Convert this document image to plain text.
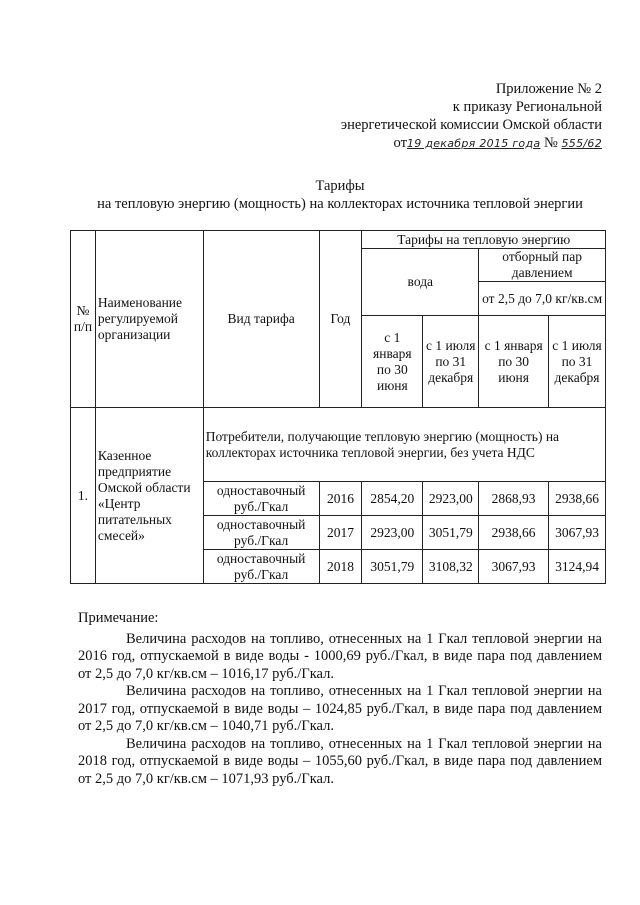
Приложение № 2
к приказу Региональной
энергетической комиссии Омской области
от19 декабря 2015 года № 555/62
Тарифы
на тепловую энергию (мощность) на коллекторах источника тепловой энергии
№ п/п	Наименование регулируемой организации	Вид тарифа	Год	Тарифы на тепловую энергию			
				вода		отборный пар давлением	
						от 2,5 до 7,0 кг/кв.см	
				с 1 января по 30 июня	с 1 июля по 31 декабря	с 1 января по 30 июня	с 1 июля по 31 декабря
1.	Казенное предприятие Омской области «Центр питательных смесей»	Потребители, получающие тепловую энергию (мощность) на коллекторах источника тепловой энергии, без учета НДС					
		одноставочный руб./Гкал	2016	2854,20	2923,00	2868,93	2938,66
		одноставочный руб./Гкал	2017	2923,00	3051,79	2938,66	3067,93
		одноставочный руб./Гкал	2018	3051,79	3108,32	3067,93	3124,94
Примечание:

Величина расходов на топливо, отнесенных на 1 Гкал тепловой энергии на 2016 год, отпускаемой в виде воды - 1000,69 руб./Гкал, в виде пара под давлением от 2,5 до 7,0 кг/кв.см – 1016,17 руб./Гкал.

Величина расходов на топливо, отнесенных на 1 Гкал тепловой энергии на 2017 год, отпускаемой в виде воды – 1024,85 руб./Гкал, в виде пара под давлением от 2,5 до 7,0 кг/кв.см – 1040,71 руб./Гкал.

Величина расходов на топливо, отнесенных на 1 Гкал тепловой энергии на 2018 год, отпускаемой в виде воды – 1055,60 руб./Гкал, в виде пара под давлением от 2,5 до 7,0 кг/кв.см – 1071,93 руб./Гкал.
